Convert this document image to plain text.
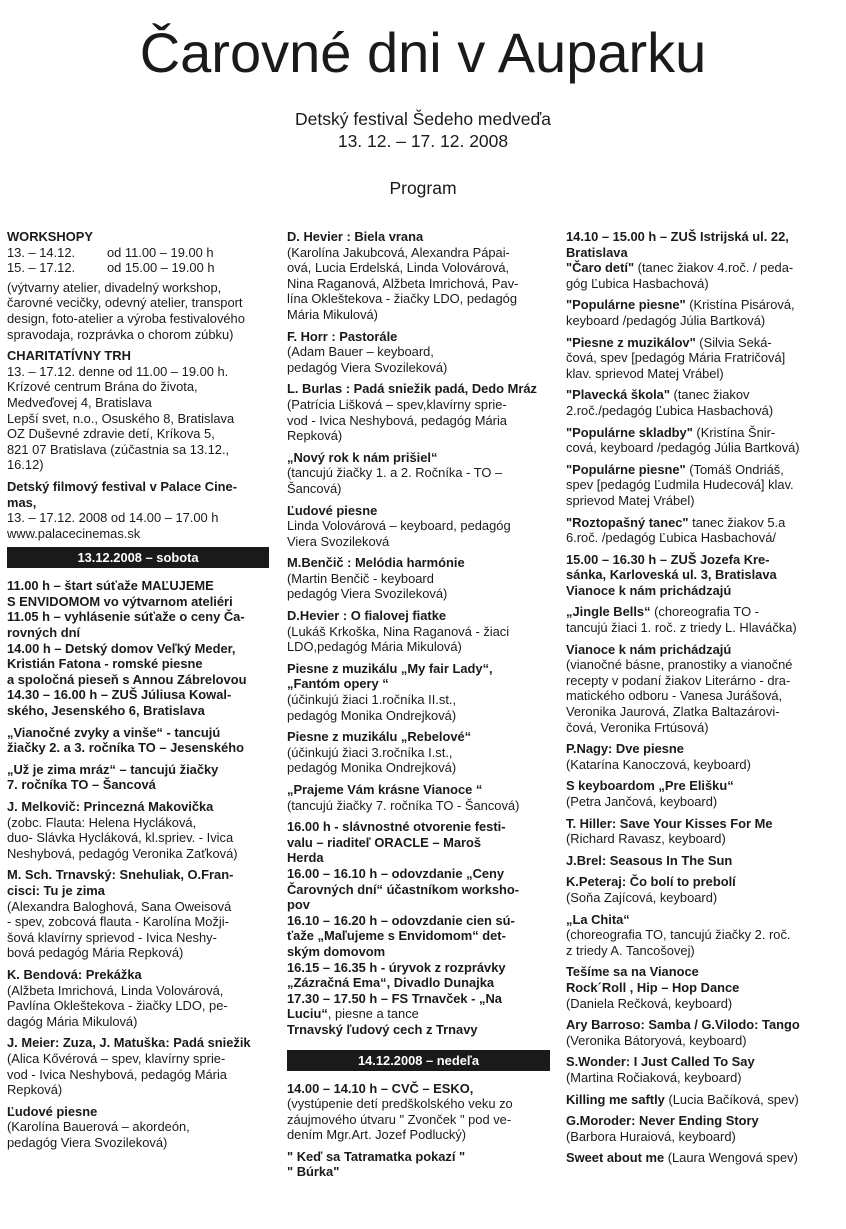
Čarovné dni v Auparku
Detský festival Šedeho medveďa
13. 12. – 17. 12. 2008
Program
WORKSHOPY
13. – 14.12.	od 11.00 – 19.00 h
15. – 17.12.	od 15.00 – 19.00 h
(výtvarny atelier, divadelný workshop,
čarovné vecičky, odevný atelier, transport
design, foto-atelier a výroba festivalového
spravodaja, rozprávka o chorom zúbku)
CHARITATÍVNY TRH
13. – 17.12. denne od 11.00 – 19.00 h.
Krízové centrum Brána do života,
Medveďovej 4, Bratislava
Lepší svet, n.o., Osuského 8, Bratislava
OZ Duševné zdravie detí, Kríkova 5,
821 07 Bratislava (zúčastnia sa 13.12.,
16.12)
Detský filmový festival v Palace Cine-
mas,
13. – 17.12. 2008 od 14.00 – 17.00 h
www.palacecinemas.sk
13.12.2008 – sobota
11.00 h – štart súťaže MAĽUJEME
S ENVIDOMOM vo výtvarnom ateliéri
11.05 h – vyhlásenie súťaže o ceny Ča-
rovných dní
14.00 h – Detský domov Veľký Meder,
Kristián Fatona - romské piesne
a spoločná pieseň s Annou Zábrelovou
14.30 – 16.00 h – ZUŠ Júliusa Kowal-
ského, Jesenského 6, Bratislava
„Vianočné zvyky a vinše“ - tancujú
žiačky 2. a 3. ročníka TO – Jesenského
„Už je zima mráz“ – tancujú žiačky
7. ročníka TO – Šancová
J. Melkovič: Princezná Makovička
(zobc. Flauta: Helena Hycláková,
duo- Slávka Hycláková, kl.spriev. - Ivica
Neshybová, pedagóg Veronika Zaťková)
M. Sch. Trnavský: Snehuliak, O.Fran-
cisci: Tu je zima
(Alexandra Baloghová, Sana Oweisová
- spev, zobcová flauta - Karolína Možji-
šová klavírny sprievod - Ivica Neshy-
bová pedagóg Mária Repková)
K. Bendová: Prekážka
(Alžbeta Imrichová, Linda Volovárová,
Pavlína Okleštekova - žiačky LDO, pe-
dagóg Mária Mikulová)
J. Meier: Zuza, J. Matuška: Padá sniežik
(Alica Kővérová – spev, klavírny sprie-
vod - Ivica Neshybová, pedagóg Mária
Repková)
Ľudové piesne
(Karolína Bauerová – akordeón,
pedagóg Viera Svozileková)
D. Hevier : Biela vrana
(Karolína Jakubcová, Alexandra Pápai-
ová, Lucia Erdelská, Linda Volovárová,
Nina Raganová, Alžbeta Imrichová, Pav-
lína Okleštekova - žiačky LDO, pedagóg
Mária Mikulová)
F. Horr : Pastorále
(Adam Bauer – keyboard,
pedagóg Viera Svozileková)
L. Burlas : Padá sniežik padá, Dedo Mráz
(Patrícia Lišková – spev,klavírny sprie-
vod - Ivica Neshybová, pedagóg Mária
Repková)
„Nový rok k nám prišiel“
(tancujú žiačky 1. a 2. Ročníka - TO –
Šancová)
Ľudové piesne
Linda Volovárová – keyboard, pedagóg
Viera Svozileková
M.Benčič : Melódia harmónie
(Martin Benčič - keyboard
pedagóg Viera Svozileková)
D.Hevier : O fialovej fiatke
(Lukáš Krkoška, Nina Raganová - žiaci
LDO,pedagóg Mária Mikulová)
Piesne z muzikálu „My fair Lady“,
„Fantóm opery “
(účinkujú žiaci 1.ročníka II.st.,
pedagóg Monika Ondrejková)
Piesne z muzikálu „Rebelové“
(účinkujú žiaci 3.ročníka I.st.,
pedagóg Monika Ondrejková)
„Prajeme Vám krásne Vianoce “
(tancujú žiačky 7. ročníka TO - Šancová)
16.00 h - slávnostné otvorenie festi-
valu – riaditeľ ORACLE – Maroš
Herda
16.00 – 16.10 h – odovzdanie „Ceny
Čarovných dní“ účastníkom worksho-
pov
16.10 – 16.20 h – odovzdanie cien sú-
ťaže „Maľujeme s Envidomom“ det-
ským domovom
16.15 – 16.35 h - úryvok z rozprávky
„Zázračná Ema“, Divadlo Dunajka
17.30 – 17.50 h – FS Trnavček - „Na
Luciu“, piesne a tance
Trnavský ľudový cech z Trnavy
14.12.2008 – nedeľa
14.00 – 14.10 h – CVČ – ESKO,
(vystúpenie detí predškolského veku zo
záujmového útvaru " Zvonček " pod ve-
dením Mgr.Art. Jozef Podlucký)
" Keď sa Tatramatka pokazí "
" Búrka"
14.10 – 15.00 h – ZUŠ Istrijská ul. 22,
Bratislava
"Čaro detí" (tanec žiakov 4.roč. / peda-
góg Ľubica Hasbachová)
"Populárne piesne" (Kristína Pisárová,
keyboard /pedagóg Júlia Bartková)
"Piesne z muzikálov" (Silvia Seká-
čová, spev [pedagóg Mária Fratričová]
klav. sprievod Matej Vrábel)
"Plavecká škola" (tanec žiakov
2.roč./pedagóg Ľubica Hasbachová)
"Populárne skladby" (Kristína Šnir-
cová, keyboard /pedagóg Júlia Bartková)
"Populárne piesne" (Tomáš Ondriáš,
spev [pedagóg Ľudmila Hudecová] klav.
sprievod Matej Vrábel)
"Roztopašný tanec" tanec žiakov 5.a
6.roč. /pedagóg Ľubica Hasbachová/
15.00 – 16.30 h – ZUŠ Jozefa Kre-
sánka, Karloveská ul. 3, Bratislava
Vianoce k nám prichádzajú
„Jingle Bells“ (choreografia TO -
tancujú žiaci 1. roč. z triedy L. Hlaváčka)
Vianoce k nám prichádzajú
(vianočné básne, pranostiky a vianočné
recepty v podaní žiakov Literárno - dra-
matického odboru - Vanesa Jurášová,
Veronika Jaurová, Zlatka Baltazárovi-
čová, Veronika Frtúsová)
P.Nagy: Dve piesne
(Katarína Kanoczová, keyboard)
S keyboardom „Pre Elišku“
(Petra Jančová, keyboard)
T. Hiller: Save Your Kisses For Me
(Richard Ravasz, keyboard)
J.Brel: Seasous In The Sun
K.Peteraj: Čo bolí to prebolí
(Soňa Zajícová, keyboard)
„La Chita“
(choreografia TO, tancujú žiačky 2. roč.
z triedy A. Tancošovej)
Tešíme sa na Vianoce
Rock´Roll , Hip – Hop Dance
(Daniela Rečková, keyboard)
Ary Barroso: Samba / G.Vilodo: Tango
(Veronika Bátoryová, keyboard)
S.Wonder: I Just Called To Say
(Martina Ročiaková, keyboard)
Killing me saftly (Lucia Bačíková, spev)
G.Moroder: Never Ending Story
(Barbora Huraiová, keyboard)
Sweet about me (Laura Wengová spev)
